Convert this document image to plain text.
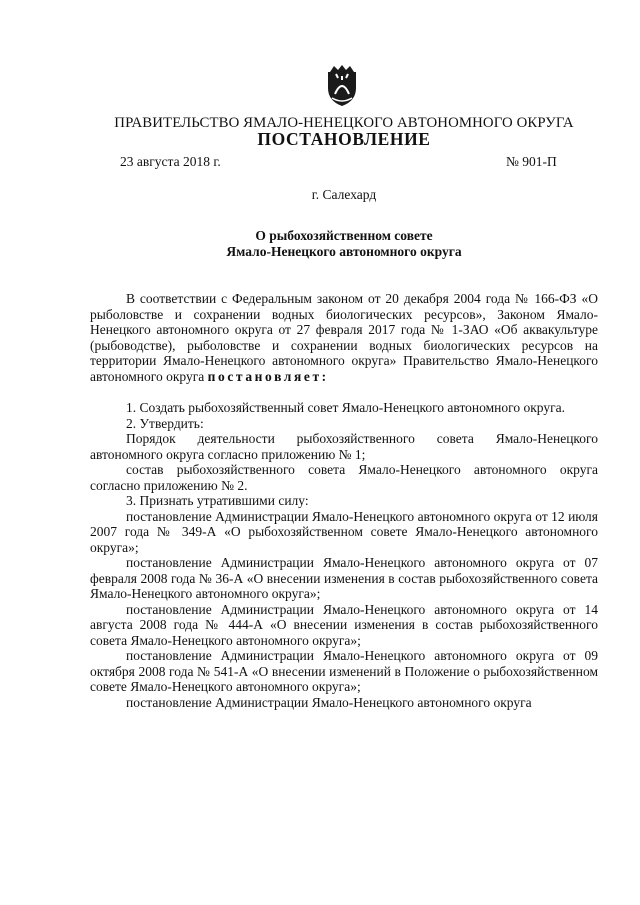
ПРАВИТЕЛЬСТВО ЯМАЛО-НЕНЕЦКОГО АВТОНОМНОГО ОКРУГА
ПОСТАНОВЛЕНИЕ
23 августа 2018 г.	№ 901-П
г. Салехард
О рыбохозяйственном совете
Ямало-Ненецкого автономного округа

В соответствии с Федеральным законом от 20 декабря 2004 года № 166-ФЗ «О рыболовстве и сохранении водных биологических ресурсов», Законом Ямало-Ненецкого автономного округа от 27 февраля 2017 года № 1-ЗАО «Об аквакультуре (рыбоводстве), рыболовстве и сохранении водных биологических ресурсов на территории Ямало-Ненецкого автономного округа» Правительство Ямало-Ненецкого автономного округа постановляет:

1. Создать рыбохозяйственный совет Ямало-Ненецкого автономного округа.

2. Утвердить:

Порядок деятельности рыбохозяйственного совета Ямало-Ненецкого автономного округа согласно приложению № 1;

состав рыбохозяйственного совета Ямало-Ненецкого автономного округа согласно приложению № 2.

3. Признать утратившими силу:

постановление Администрации Ямало-Ненецкого автономного округа от 12 июля 2007 года № 349-А «О рыбохозяйственном совете Ямало-Ненецкого автономного округа»;

постановление Администрации Ямало-Ненецкого автономного округа от 07 февраля 2008 года № 36-А «О внесении изменения в состав рыбохозяйственного совета Ямало-Ненецкого автономного округа»;

постановление Администрации Ямало-Ненецкого автономного округа от 14 августа 2008 года № 444-А «О внесении изменения в состав рыбохозяйственного совета Ямало-Ненецкого автономного округа»;

постановление Администрации Ямало-Ненецкого автономного округа от 09 октября 2008 года № 541-А «О внесении изменений в Положение о рыбохозяйственном совете Ямало-Ненецкого автономного округа»;

постановление Администрации Ямало-Ненецкого автономного округа
